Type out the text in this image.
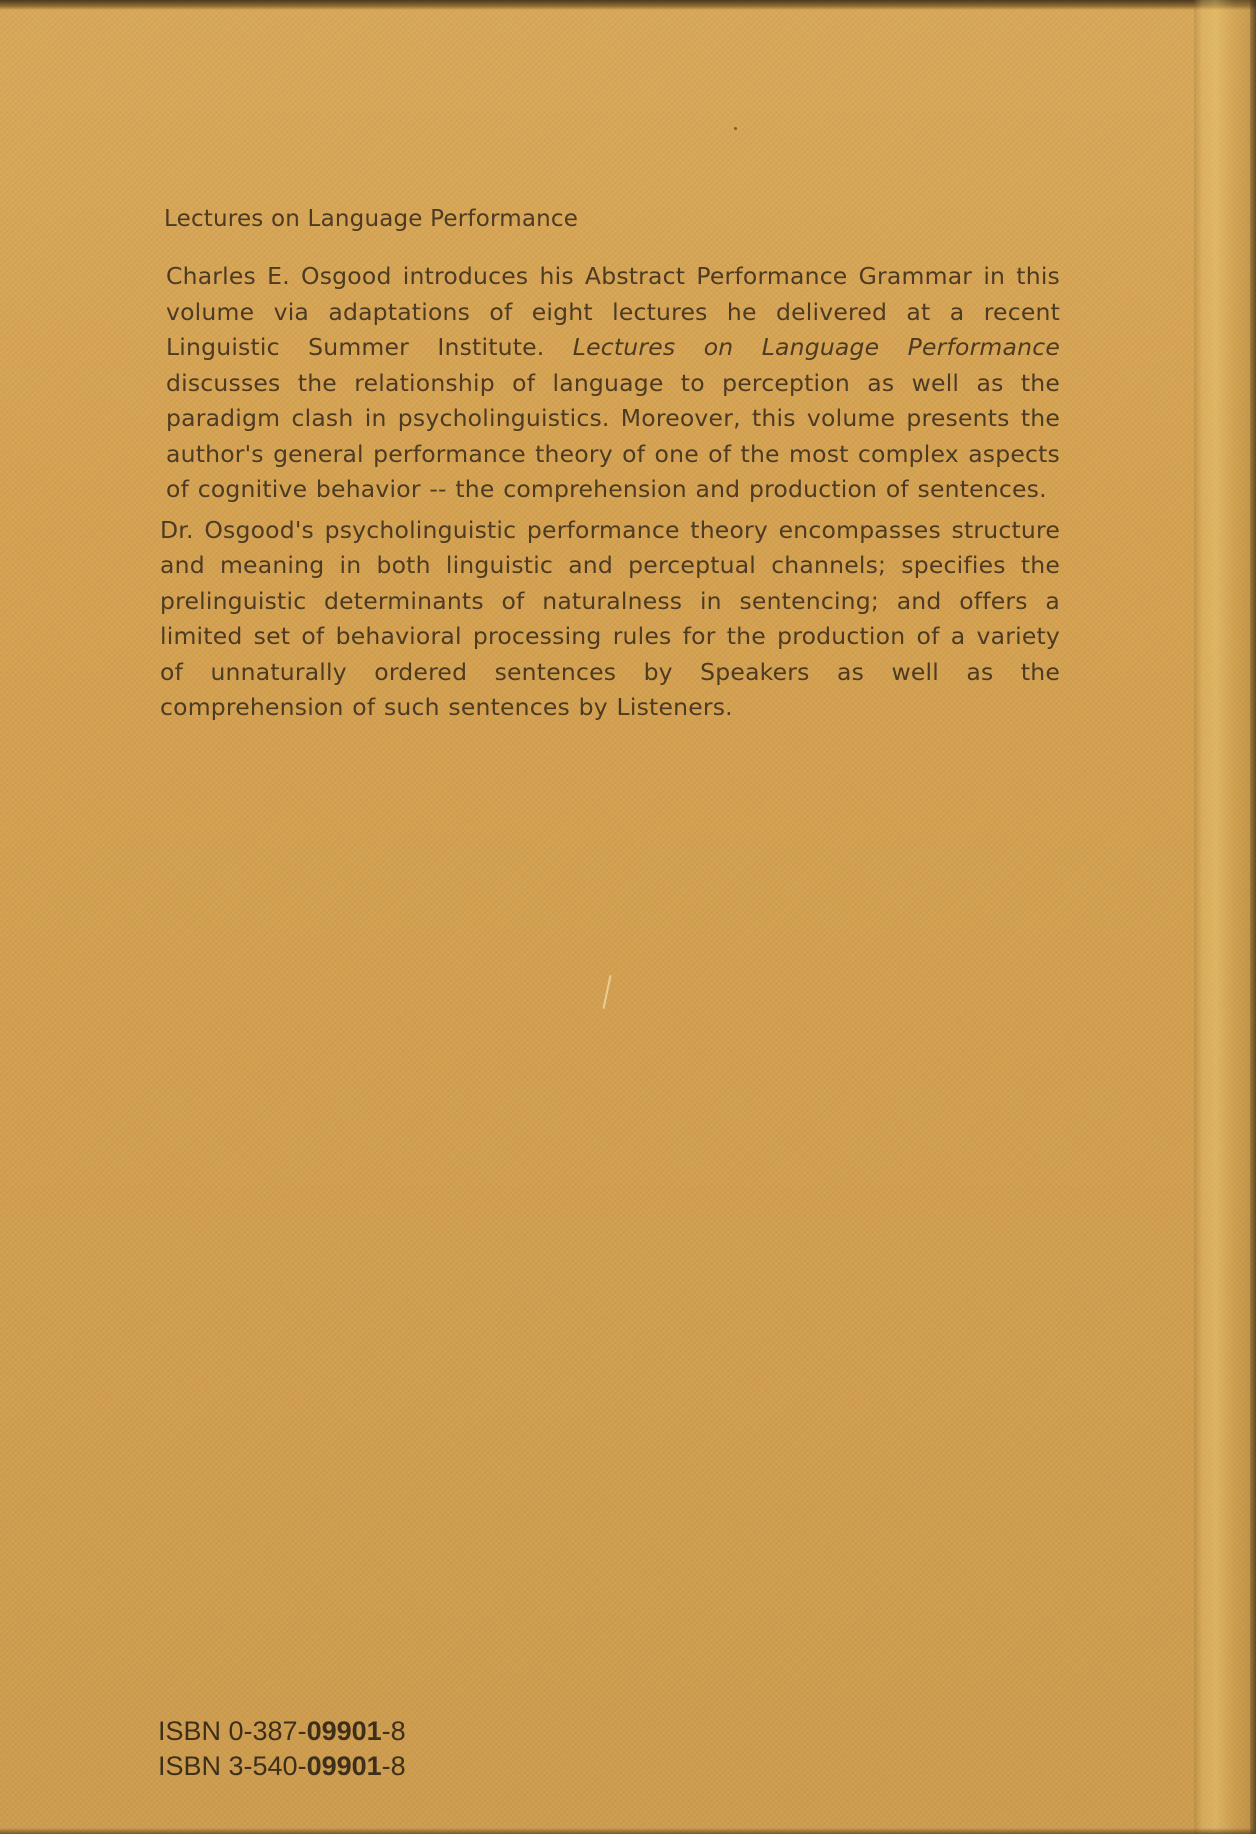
Lectures on Language Performance

Charles E. Osgood introduces his Abstract Performance Grammar in this volume via adaptations of eight lectures he delivered at a recent Linguistic Summer Institute. Lectures on Language Performance discusses the relationship of language to perception as well as the paradigm clash in psycholinguistics. Moreover, this volume presents the author's general performance theory of one of the most complex aspects of cognitive behavior -- the comprehension and production of sentences.

Dr. Osgood's psycholinguistic performance theory encompasses structure and meaning in both linguistic and perceptual channels; specifies the prelinguistic determinants of naturalness in sentencing; and offers a limited set of behavioral processing rules for the production of a variety of unnaturally ordered sentences by Speakers as well as the comprehension of such sentences by Listeners.

ISBN 0-387-09901-8
ISBN 3-540-09901-8
